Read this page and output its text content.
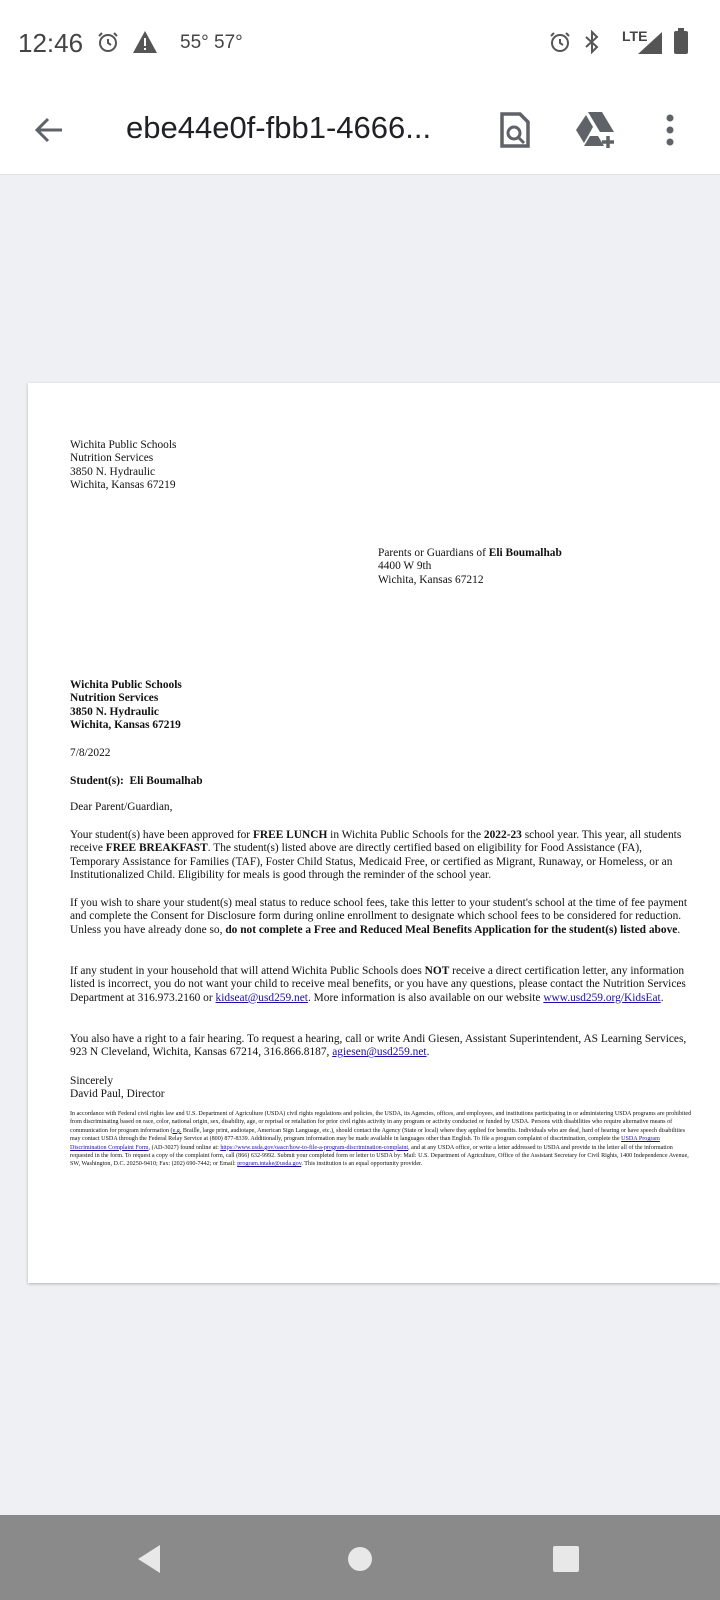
12:46	55° 57°	LTE
ebe44e0f-fbb1-4666...
Wichita Public Schools
Nutrition Services
3850 N. Hydraulic
Wichita, Kansas 67219
Parents or Guardians of Eli Boumalhab
4400 W 9th
Wichita, Kansas 67212
Wichita Public Schools
Nutrition Services
3850 N. Hydraulic
Wichita, Kansas 67219
7/8/2022
Student(s): Eli Boumalhab
Dear Parent/Guardian,
Your student(s) have been approved for FREE LUNCH in Wichita Public Schools for the 2022-23 school year. This year, all students receive FREE BREAKFAST. The student(s) listed above are directly certified based on eligibility for Food Assistance (FA), Temporary Assistance for Families (TAF), Foster Child Status, Medicaid Free, or certified as Migrant, Runaway, or Homeless, or an Institutionalized Child. Eligibility for meals is good through the reminder of the school year.
If you wish to share your student(s) meal status to reduce school fees, take this letter to your student's school at the time of fee payment and complete the Consent for Disclosure form during online enrollment to designate which school fees to be considered for reduction. Unless you have already done so, do not complete a Free and Reduced Meal Benefits Application for the student(s) listed above.
If any student in your household that will attend Wichita Public Schools does NOT receive a direct certification letter, any information listed is incorrect, you do not want your child to receive meal benefits, or you have any questions, please contact the Nutrition Services Department at 316.973.2160 or kidseat@usd259.net. More information is also available on our website www.usd259.org/KidsEat.
You also have a right to a fair hearing. To request a hearing, call or write Andi Giesen, Assistant Superintendent, AS Learning Services, 923 N Cleveland, Wichita, Kansas 67214, 316.866.8187, agiesen@usd259.net.
Sincerely
David Paul, Director
In accordance with Federal civil rights law and U.S. Department of Agriculture (USDA) civil rights regulations and policies, the USDA, its Agencies, offices, and employees, and institutions participating in or administering USDA programs are prohibited from discriminating based on race, color, national origin, sex, disability, age, or reprisal or retaliation for prior civil rights activity in any program or activity conducted or funded by USDA. Persons with disabilities who require alternative means of communication for program information (e.g. Braille, large print, audiotape, American Sign Language, etc.), should contact the Agency (State or local) where they applied for benefits. Individuals who are deaf, hard of hearing or have speech disabilities may contact USDA through the Federal Relay Service at (800) 877-8339. Additionally, program information may be made available in languages other than English. To file a program complaint of discrimination, complete the USDA Program Discrimination Complaint Form, (AD-3027) found online at: https://www.usda.gov/oascr/how-to-file-a-program-discrimination-complaint, and at any USDA office, or write a letter addressed to USDA and provide in the letter all of the information requested in the form. To request a copy of the complaint form, call (866) 632-9992. Submit your completed form or letter to USDA by: Mail: U.S. Department of Agriculture, Office of the Assistant Secretary for Civil Rights, 1400 Independence Avenue, SW, Washington, D.C. 20250-9410; Fax: (202) 690-7442; or Email: program.intake@usda.gov. This institution is an equal opportunity provider.
